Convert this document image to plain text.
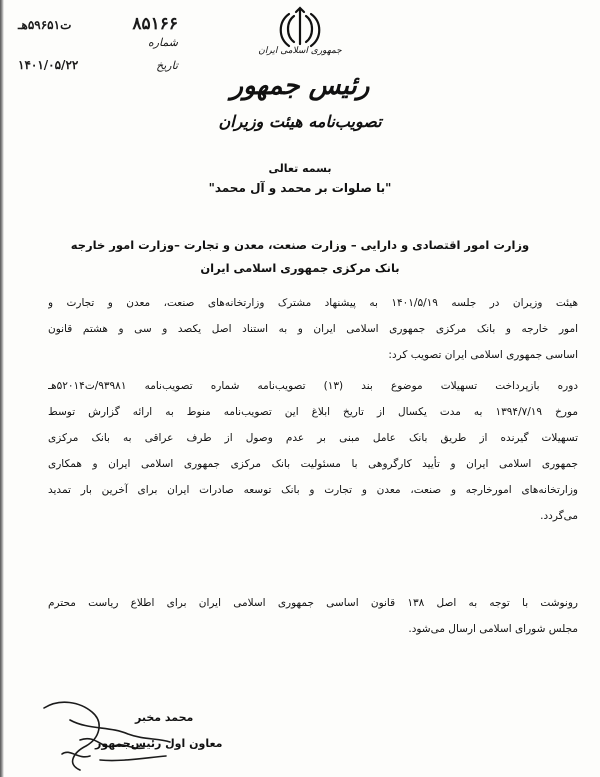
۸۵۱۶۶
ت۵۹۶۵۱هـ
شماره
تاریخ
۱۴۰۱/۰۵/۲۲

جمهوری اسلامی ایران

رئیس جمهور

تصویب‌نامه هیئت وزیران

بسمه تعالی
"با صلوات بر محمد و آل محمد"
وزارت امور اقتصادی و دارایی – وزارت صنعت، معدن و تجارت –وزارت امور خارجه
بانک مرکزی جمهوری اسلامی ایران
هیئت وزیران در جلسه ۱۴۰۱/۵/۱۹ به پیشنهاد مشترک وزارتخانه‌های صنعت، معدن و تجارت و
امور خارجه و بانک مرکزی جمهوری اسلامی ایران و به استناد اصل یکصد و سی و هشتم قانون
اساسی جمهوری اسلامی ایران تصویب کرد:
دوره بازپرداخت تسهیلات موضوع بند (۱۳) تصویب‌نامه شماره تصویب‌نامه ۹۳۹۸۱/ت۵۲۰۱۴هـ
مورخ ۱۳۹۴/۷/۱۹ به مدت یکسال از تاریخ ابلاغ این تصویب‌نامه منوط به ارائه گزارش توسط
تسهیلات گیرنده از طریق بانک عامل مبنی بر عدم وصول از طرف عراقی به بانک مرکزی
جمهوری اسلامی ایران و تأیید کارگروهی با مسئولیت بانک مرکزی جمهوری اسلامی ایران و همکاری
وزارتخانه‌های امورخارجه و صنعت، معدن و تجارت و بانک توسعه صادرات ایران برای آخرین بار تمدید
می‌گردد.
رونوشت با توجه به اصل ۱۳۸ قانون اساسی جمهوری اسلامی ایران برای اطلاع ریاست محترم
مجلس شورای اسلامی ارسال می‌شود.
محمد مخبر
معاون اول رئیس‌جمهور
